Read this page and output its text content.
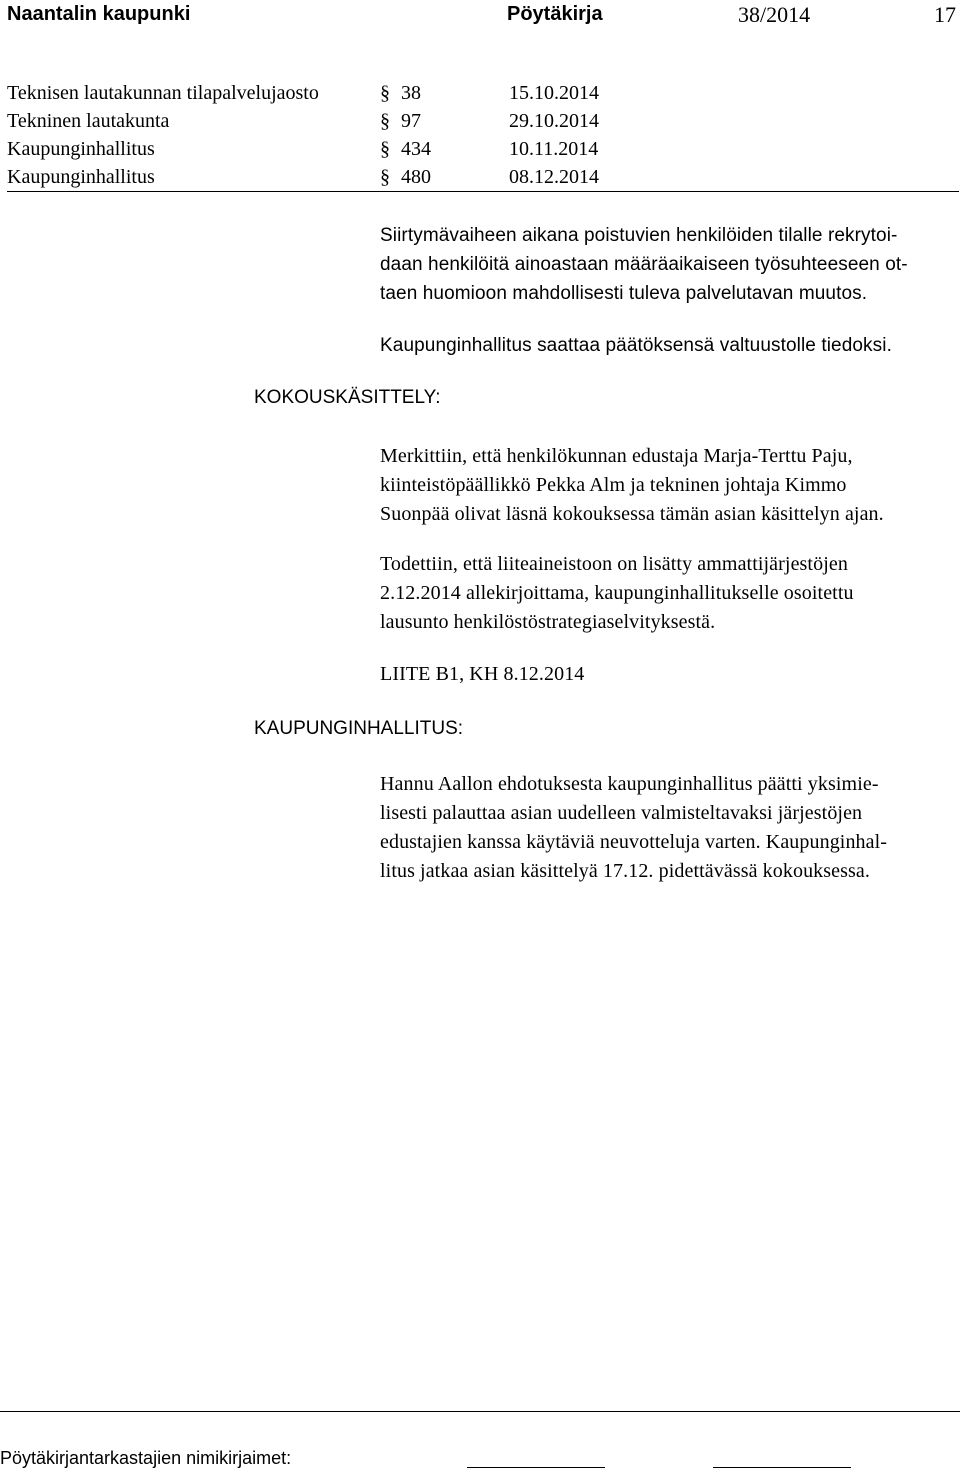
Naantalin kaupunki	Pöytäkirja	38/2014	17
Teknisen lautakunnan tilapalvelujaosto	§ 38	15.10.2014
Tekninen lautakunta	§ 97	29.10.2014
Kaupunginhallitus	§ 434	10.11.2014
Kaupunginhallitus	§ 480	08.12.2014
Siirtymävaiheen aikana poistuvien henkilöiden tilalle rekrytoi-
daan henkilöitä ainoastaan määräaikaiseen työsuhteeseen ot-
taen huomioon mahdollisesti tuleva palvelutavan muutos.
Kaupunginhallitus saattaa päätöksensä valtuustolle tiedoksi.
KOKOUSKÄSITTELY:
Merkittiin, että henkilökunnan edustaja Marja-Terttu Paju,
kiinteistöpäällikkö Pekka Alm ja tekninen johtaja Kimmo
Suonpää olivat läsnä kokouksessa tämän asian käsittelyn ajan.
Todettiin, että liiteaineistoon on lisätty ammattijärjestöjen
2.12.2014 allekirjoittama, kaupunginhallitukselle osoitettu
lausunto henkilöstöstrategiaselvityksestä.
LIITE B1, KH 8.12.2014
KAUPUNGINHALLITUS:
Hannu Aallon ehdotuksesta kaupunginhallitus päätti yksimie-
lisesti palauttaa asian uudelleen valmisteltavaksi järjestöjen
edustajien kanssa käytäviä neuvotteluja varten. Kaupunginhal-
litus jatkaa asian käsittelyä 17.12. pidettävässä kokouksessa.
Pöytäkirjantarkastajien nimikirjaimet:
